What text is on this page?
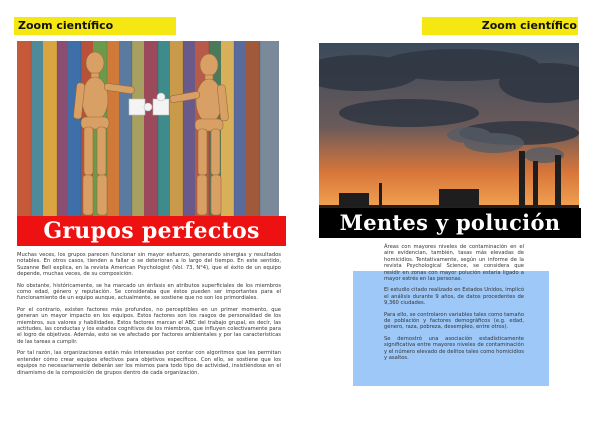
Zoom científico
Grupos perfectos

Muchas veces, los grupos parecen funcionar sin mayor esfuerzo, generando sinergias y resultados notables. En otros casos, tienden a fallar o se deterioran a lo largo del tiempo. En este sentido, Suzanne Bell explica, en la revista American Psychologist (Vol. 73, N°4), que el éxito de un equipo depende, muchas veces, de su composición.

No obstante, históricamente, se ha marcado un énfasis en atributos superficiales de los miembros como edad, género y reputación. Se consideraba que éstos pueden ser importantes para el funcionamiento de un equipo aunque, actualmente, se sostiene que no son los primordiales.

Por el contrario, existen factores más profundos, no perceptibles en un primer momento, que generan un mayor impacto en los equipos. Estos factores son los rasgos de personalidad de los miembros, sus valores y habilidades. Estos factores marcan el ABC del trabajo grupal, es decir, las actitudes, las conductas y los estados cognitivos de los miembros, que influyen colectivamente para el logro de objetivos. Además, esto se ve afectado por factores ambientales y por las características de las tareas a cumplir.

Por tal razón, las organizaciones están más interesadas por contar con algoritmos que les permitan entender cómo crear equipos efectivos para objetivos específicos. Con ello, se sostiene que los equipos no necesariamente deberán ser los mismos para todo tipo de actividad, insistiéndose en el dinamismo de la composición de grupos dentro de cada organización.

Zoom científico
Mentes y polución

Áreas con mayores niveles de contaminación en el aire evidencian, también, tasas más elevadas de homicidios. Tentativamente, según un informe de la revista Psychological Science, se considera que residir en zonas con mayor polución estaría ligado a mayor estrés en las personas.

El estudio citado realizado en Estados Unidos, implicó el análisis durante 9 años, de datos procedentes de 9,360 ciudades.

Para ello, se controlaron variables tales como tamaño de población y factores demográficos (e.g. edad, género, raza, pobreza, desempleo, entre otros).

Se demostró una asociación estadísticamente significativa entre mayores niveles de contaminación y el número elevado de delitos tales como homicidios y asaltos.
